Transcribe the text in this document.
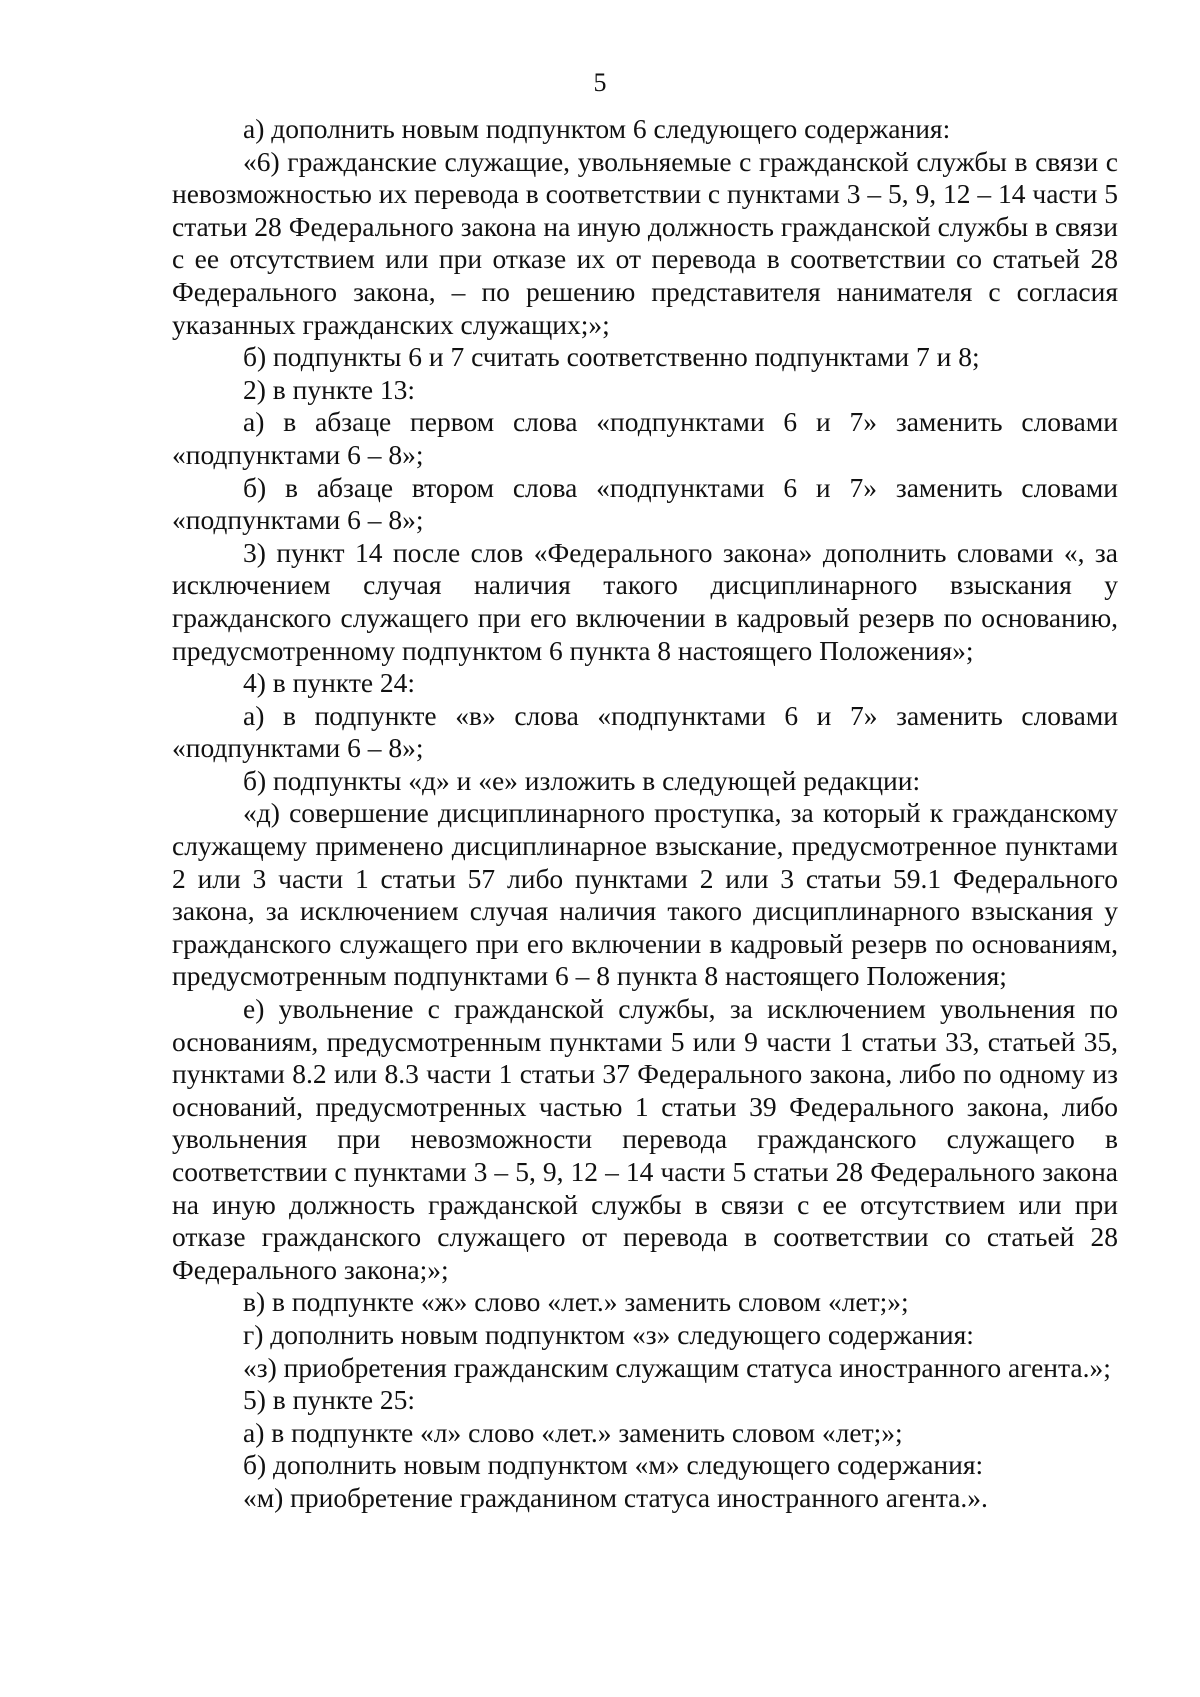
5

а) дополнить новым подпунктом 6 следующего содержания:

«6) гражданские служащие, увольняемые с гражданской службы в связи с невозможностью их перевода в соответствии с пунктами 3 – 5, 9, 12 – 14 части 5 статьи 28 Федерального закона на иную должность гражданской службы в связи с ее отсутствием или при отказе их от перевода в соответствии со статьей 28 Федерального закона, – по решению представителя нанимателя с согласия указанных гражданских служащих;»;

б) подпункты 6 и 7 считать соответственно подпунктами 7 и 8;

2) в пункте 13:

а) в абзаце первом слова «подпунктами 6 и 7» заменить словами «подпунктами 6 – 8»;

б) в абзаце втором слова «подпунктами 6 и 7» заменить словами «подпунктами 6 – 8»;

3) пункт 14 после слов «Федерального закона» дополнить словами «, за исключением случая наличия такого дисциплинарного взыскания у гражданского служащего при его включении в кадровый резерв по основанию, предусмотренному подпунктом 6 пункта 8 настоящего Положения»;

4) в пункте 24:

а) в подпункте «в» слова «подпунктами 6 и 7» заменить словами «подпунктами 6 – 8»;

б) подпункты «д» и «е» изложить в следующей редакции:

«д) совершение дисциплинарного проступка, за который к гражданскому служащему применено дисциплинарное взыскание, предусмотренное пунктами 2 или 3 части 1 статьи 57 либо пунктами 2 или 3 статьи 59.1 Федерального закона, за исключением случая наличия такого дисциплинарного взыскания у гражданского служащего при его включении в кадровый резерв по основаниям, предусмотренным подпунктами 6 – 8 пункта 8 настоящего Положения;

е) увольнение с гражданской службы, за исключением увольнения по основаниям, предусмотренным пунктами 5 или 9 части 1 статьи 33, статьей 35, пунктами 8.2 или 8.3 части 1 статьи 37 Федерального закона, либо по одному из оснований, предусмотренных частью 1 статьи 39 Федерального закона, либо увольнения при невозможности перевода гражданского служащего в соответствии с пунктами 3 – 5, 9, 12 – 14 части 5 статьи 28 Федерального закона на иную должность гражданской службы в связи с ее отсутствием или при отказе гражданского служащего от перевода в соответствии со статьей 28 Федерального закона;»;

в) в подпункте «ж» слово «лет.» заменить словом «лет;»;

г) дополнить новым подпунктом «з» следующего содержания:

«з) приобретения гражданским служащим статуса иностранного агента.»;

5) в пункте 25:

а) в подпункте «л» слово «лет.» заменить словом «лет;»;

б) дополнить новым подпунктом «м» следующего содержания:

«м) приобретение гражданином статуса иностранного агента.».
